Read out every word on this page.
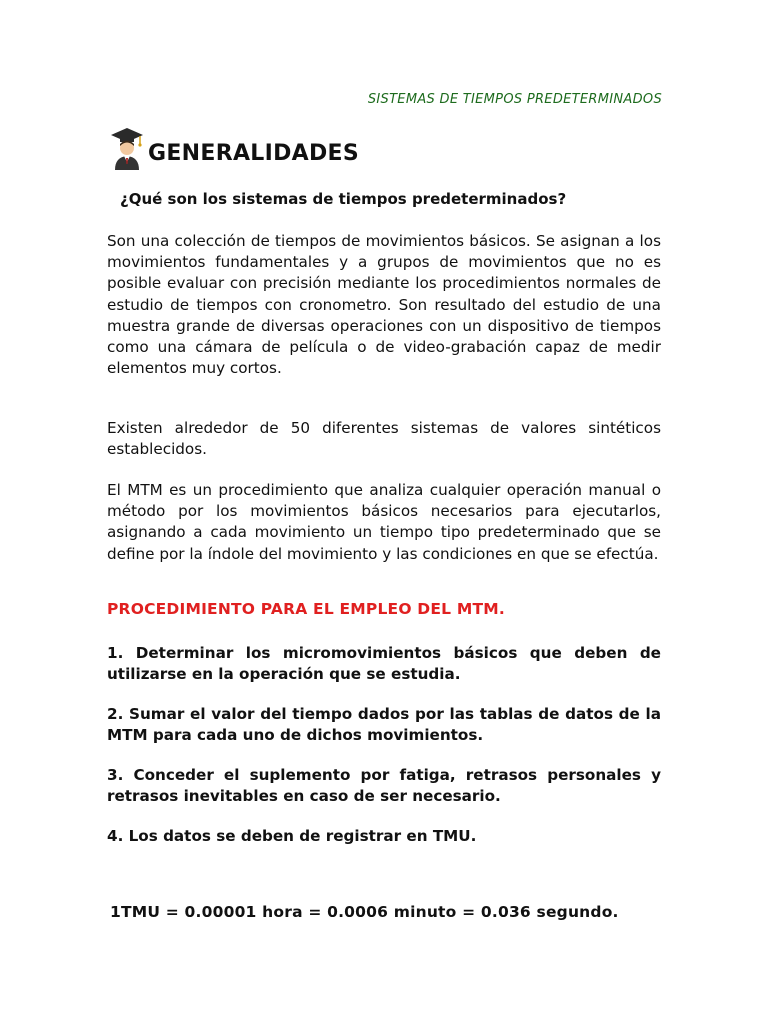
SISTEMAS DE TIEMPOS PREDETERMINADOS
GENERALIDADES
¿Qué son los sistemas de tiempos predeterminados?

Son una colección de tiempos de movimientos básicos. Se asignan a los movimientos fundamentales y a grupos de movimientos que no es posible evaluar con precisión mediante los procedimientos normales de estudio de tiempos con cronometro. Son resultado del estudio de una muestra grande de diversas operaciones con un dispositivo de tiempos como una cámara de película o de video-grabación capaz de medir elementos muy cortos.

Existen alrededor de 50 diferentes sistemas de valores sintéticos establecidos.

El MTM es un procedimiento que analiza cualquier operación manual o método por los movimientos básicos necesarios para ejecutarlos, asignando a cada movimiento un tiempo tipo predeterminado que se define por la índole del movimiento y las condiciones en que se efectúa.

PROCEDIMIENTO PARA EL EMPLEO DEL MTM.

1. Determinar los micromovimientos básicos que deben de utilizarse en la operación que se estudia.

2. Sumar el valor del tiempo dados por las tablas de datos de la MTM para cada uno de dichos movimientos.

3. Conceder el suplemento por fatiga, retrasos personales y retrasos inevitables en caso de ser necesario.

4. Los datos se deben de registrar en TMU.

1TMU = 0.00001 hora = 0.0006 minuto = 0.036 segundo.
